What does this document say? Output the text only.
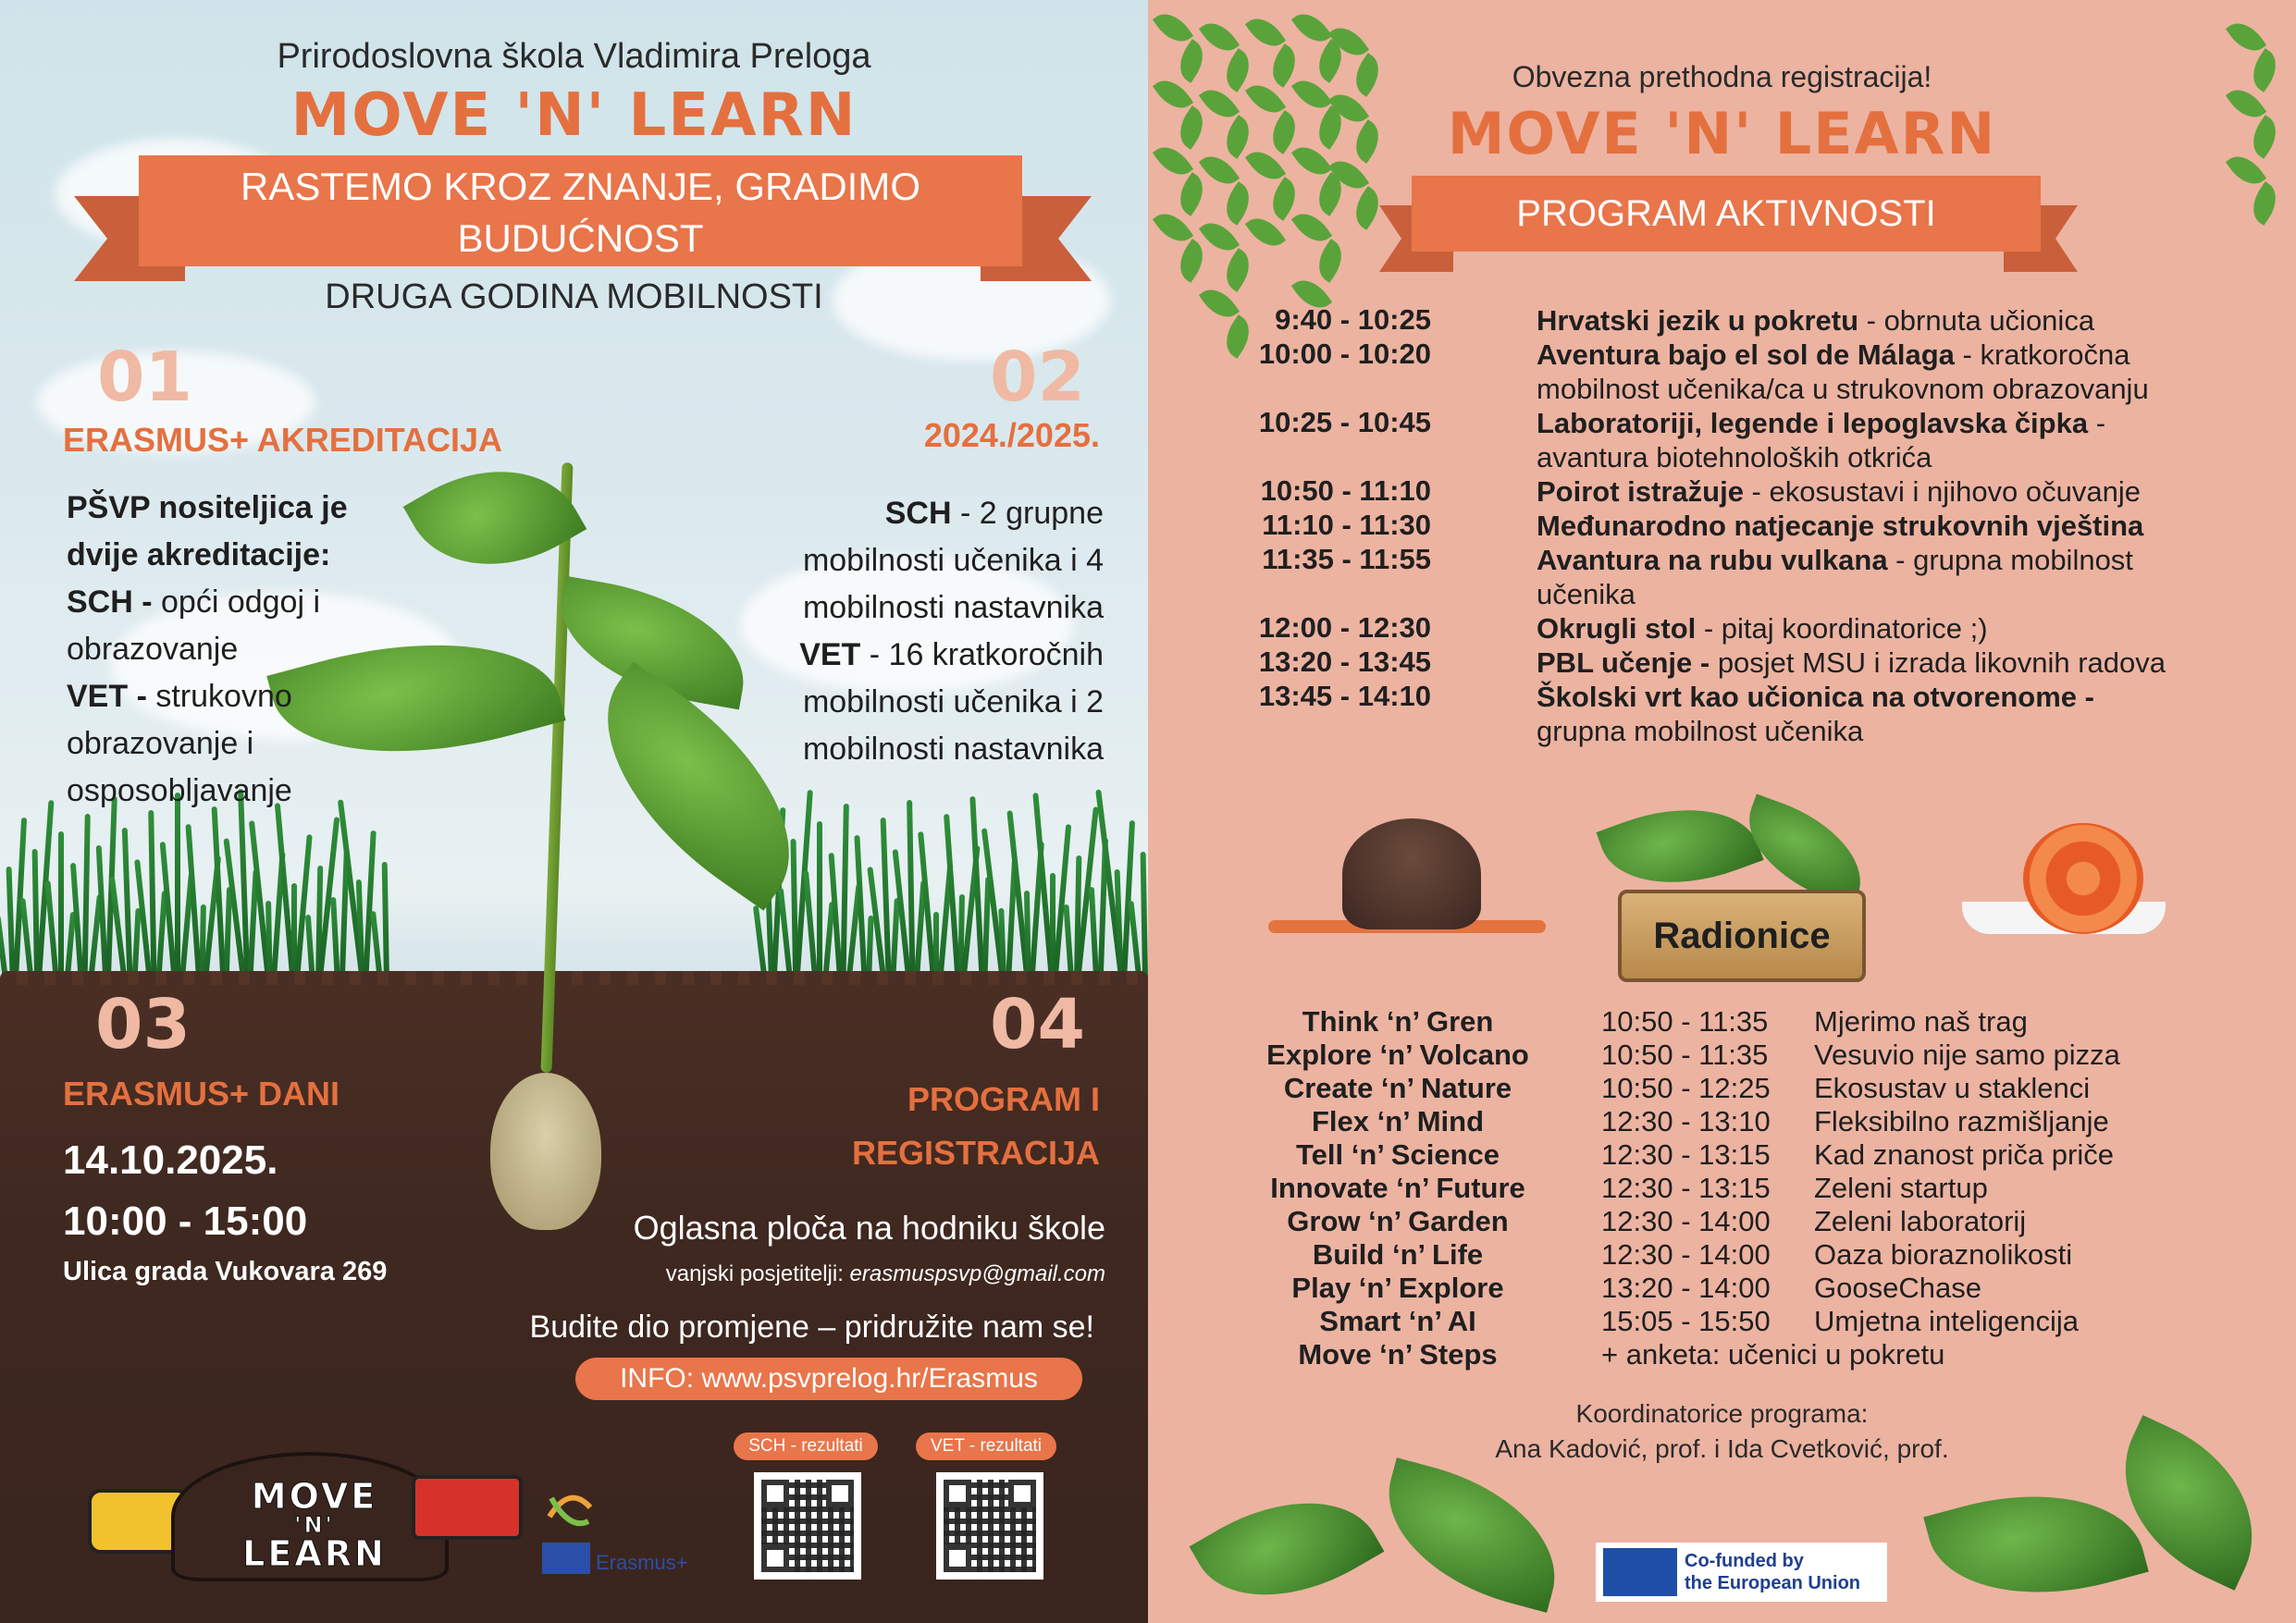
Prirodoslovna škola Vladimira Preloga
MOVE 'N' LEARN
RASTEMO KROZ ZNANJE, GRADIMO
BUDUĆNOST
DRUGA GODINA MOBILNOSTI
01
ERASMUS+ AKREDITACIJA
PŠVP nositeljica je
dvije akreditacije:
SCH - opći odgoj i
obrazovanje
VET - strukovno
obrazovanje i
osposobljavanje
02
2024./2025.
SCH - 2 grupne
mobilnosti učenika i 4
mobilnosti nastavnika
VET - 16 kratkoročnih
mobilnosti učenika i 2
mobilnosti nastavnika
03
ERASMUS+ DANI
14.10.2025.
10:00 - 15:00
Ulica grada Vukovara 269
04
PROGRAM I
REGISTRACIJA
Oglasna ploča na hodniku škole
vanjski posjetitelji: erasmuspsvp@gmail.com
Budite dio promjene – pridružite nam se!
INFO: www.psvprelog.hr/Erasmus
SCH - rezultati	VET - rezultati
MOVE
'N'
LEARN	Erasmus+
Obvezna prethodna registracija!
MOVE 'N' LEARN
PROGRAM AKTIVNOSTI
9:40 - 10:25	Hrvatski jezik u pokretu - obrnuta učionica
10:00 - 10:20	Aventura bajo el sol de Málaga - kratkoročna
mobilnost učenika/ca u strukovnom obrazovanju
10:25 - 10:45	Laboratoriji, legende i lepoglavska čipka -
avantura biotehnoloških otkrića
10:50 - 11:10	Poirot istražuje - ekosustavi i njihovo očuvanje
11:10 - 11:30	Međunarodno natjecanje strukovnih vještina
11:35 - 11:55	Avantura na rubu vulkana - grupna mobilnost
učenika
12:00 - 12:30	Okrugli stol - pitaj koordinatorice ;)
13:20 - 13:45	PBL učenje - posjet MSU i izrada likovnih radova
13:45 - 14:10	Školski vrt kao učionica na otvorenome -
grupna mobilnost učenika
Radionice
Think ‘n’ Gren	10:50 - 11:35 Mjerimo naš trag
Explore ‘n’ Volcano	10:50 - 11:35 Vesuvio nije samo pizza
Create ‘n’ Nature	10:50 - 12:25 Ekosustav u staklenci
Flex ‘n’ Mind	12:30 - 13:10 Fleksibilno razmišljanje
Tell ‘n’ Science	12:30 - 13:15 Kad znanost priča priče
Innovate ‘n’ Future	12:30 - 13:15 Zeleni startup
Grow ‘n’ Garden	12:30 - 14:00 Zeleni laboratorij
Build ‘n’ Life	12:30 - 14:00 Oaza bioraznolikosti
Play ‘n’ Explore	13:20 - 14:00 GooseChase
Smart ‘n’ AI	15:05 - 15:50 Umjetna inteligencija
Move ‘n’ Steps	+ anketa: učenici u pokretu
Koordinatorice programa:
Ana Kadović, prof. i Ida Cvetković, prof.
Co-funded by
the European Union
